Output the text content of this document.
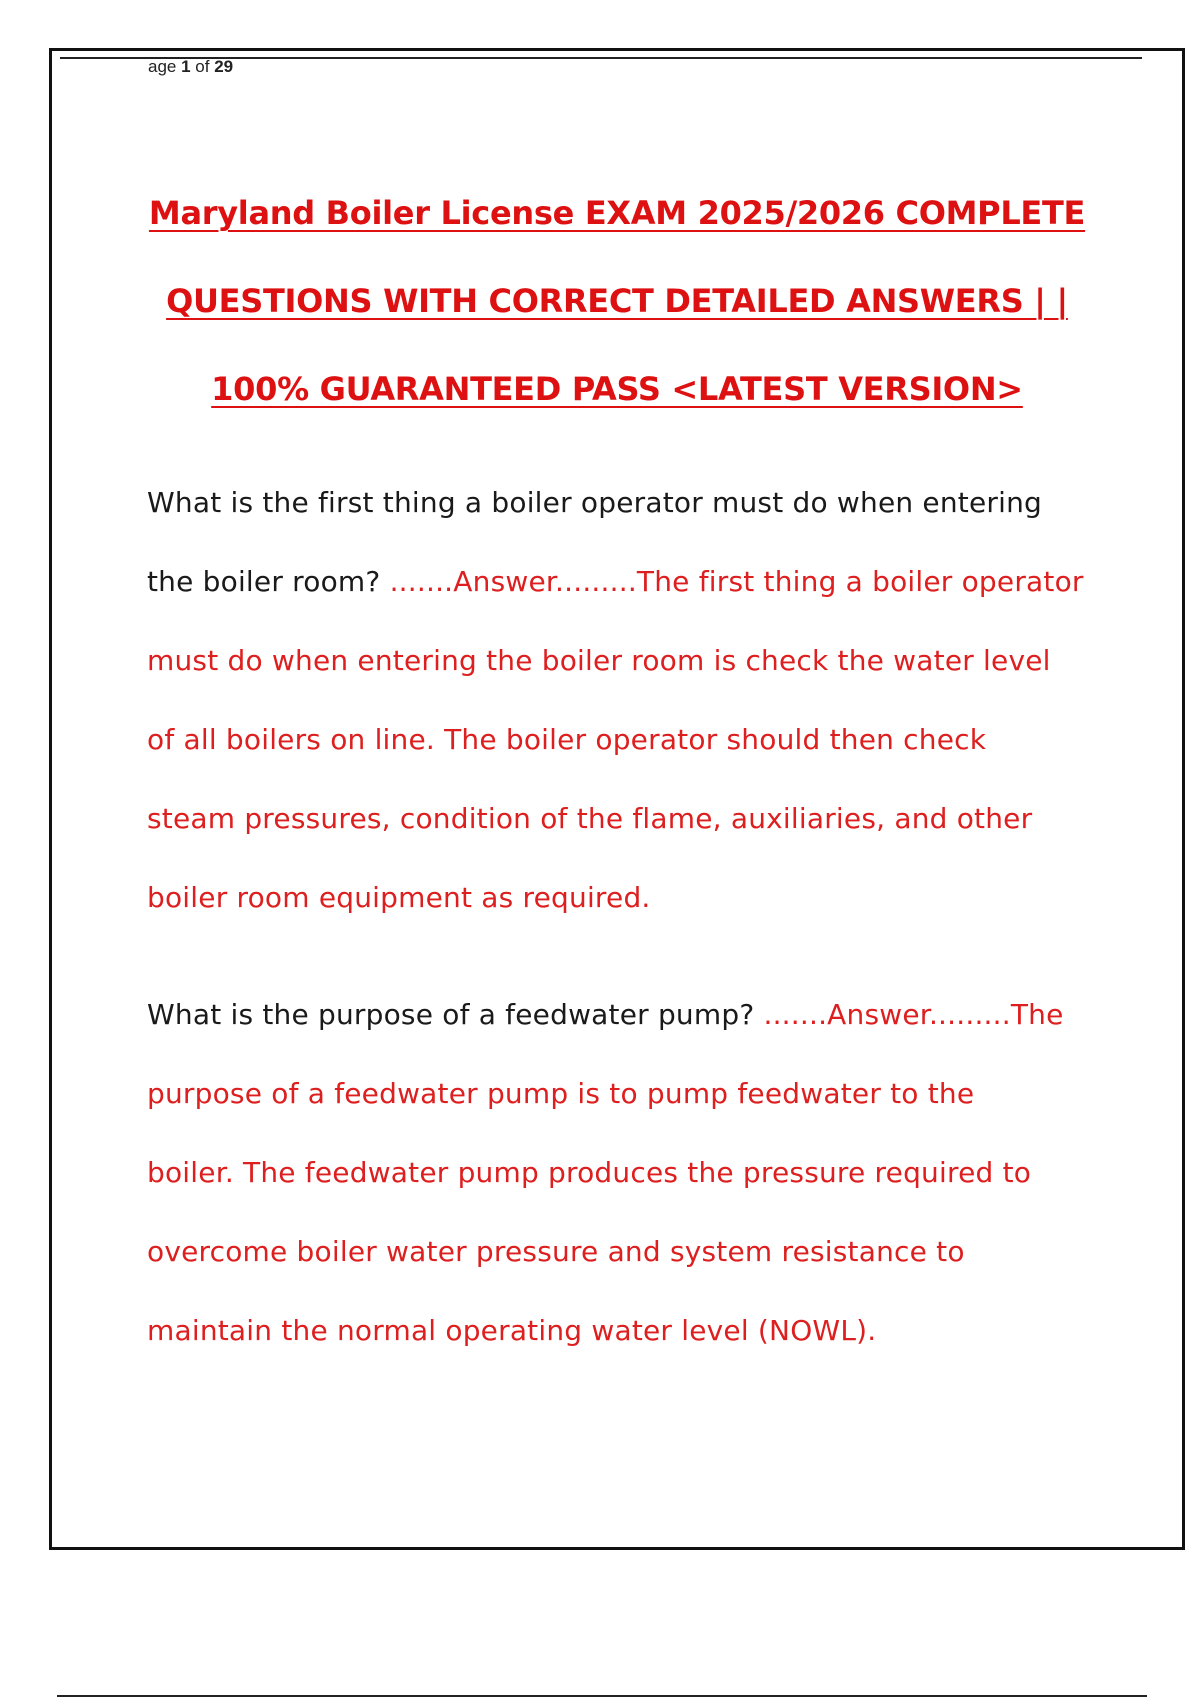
age 1 of 29
Maryland Boiler License EXAM 2025/2026 COMPLETE
QUESTIONS WITH CORRECT DETAILED ANSWERS | |
100% GUARANTEED PASS <LATEST VERSION>
What is the first thing a boiler operator must do when entering
the boiler room? .......Answer.........The first thing a boiler operator
must do when entering the boiler room is check the water level
of all boilers on line. The boiler operator should then check
steam pressures, condition of the flame, auxiliaries, and other
boiler room equipment as required.
What is the purpose of a feedwater pump? .......Answer.........The
purpose of a feedwater pump is to pump feedwater to the
boiler. The feedwater pump produces the pressure required to
overcome boiler water pressure and system resistance to
maintain the normal operating water level (NOWL).
